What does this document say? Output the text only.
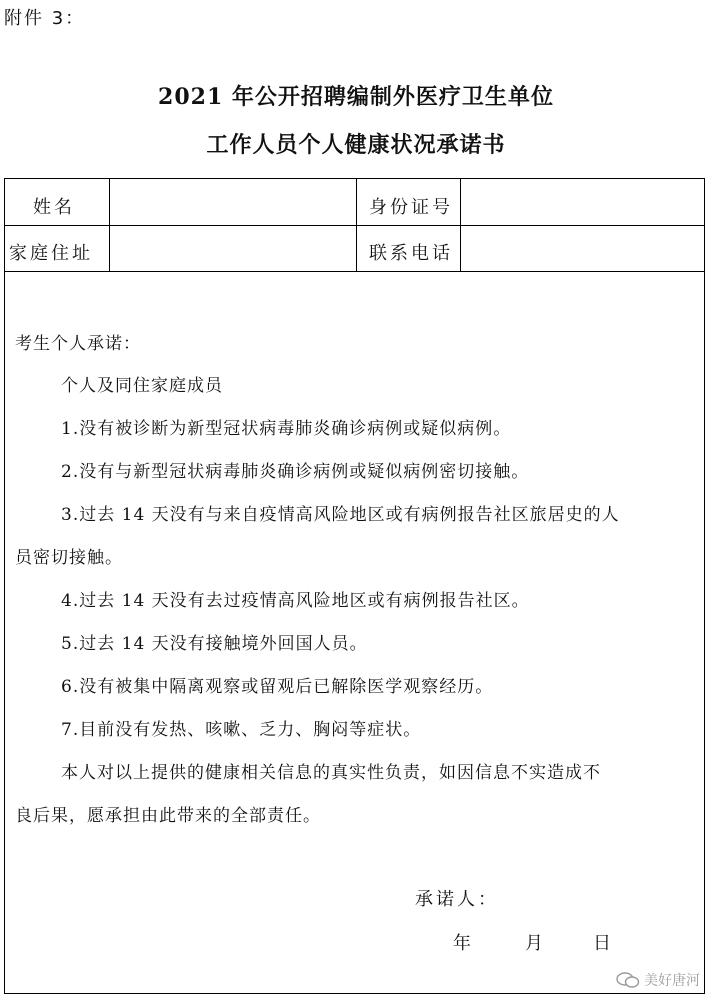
附件 3：
2021 年公开招聘编制外医疗卫生单位
工作人员个人健康状况承诺书
姓名	身份证号
家庭住址	联系电话
考生个人承诺：
个人及同住家庭成员
1.没有被诊断为新型冠状病毒肺炎确诊病例或疑似病例。
2.没有与新型冠状病毒肺炎确诊病例或疑似病例密切接触。
3.过去 14 天没有与来自疫情高风险地区或有病例报告社区旅居史的人
员密切接触。
4.过去 14 天没有去过疫情高风险地区或有病例报告社区。
5.过去 14 天没有接触境外回国人员。
6.没有被集中隔离观察或留观后已解除医学观察经历。
7.目前没有发热、咳嗽、乏力、胸闷等症状。
本人对以上提供的健康相关信息的真实性负责，如因信息不实造成不
良后果，愿承担由此带来的全部责任。
承诺人：
年	月	日
美好唐河
